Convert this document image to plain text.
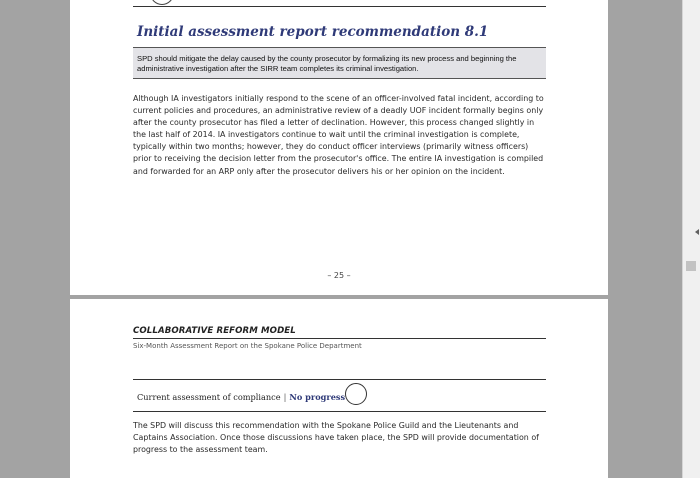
Initial assessment report recommendation 8.1

SPD should mitigate the delay caused by the county prosecutor by formalizing its new process and beginning the administrative investigation after the SIRR team completes its criminal investigation.

Although IA investigators initially respond to the scene of an officer-involved fatal incident, according to current policies and procedures, an administrative review of a deadly UOF incident formally begins only after the county prosecutor has filed a letter of declination. However, this process changed slightly in the last half of 2014. IA investigators continue to wait until the criminal investigation is complete, typically within two months; however, they do conduct officer interviews (primarily witness officers) prior to receiving the decision letter from the prosecutor's office. The entire IA investigation is compiled and forwarded for an ARP only after the prosecutor delivers his or her opinion on the incident.

– 25 –
COLLABORATIVE REFORM MODEL
Six-Month Assessment Report on the Spokane Police Department
Current assessment of compliance | No progress

The SPD will discuss this recommendation with the Spokane Police Guild and the Lieutenants and Captains Association. Once those discussions have taken place, the SPD will provide documentation of progress to the assessment team.
